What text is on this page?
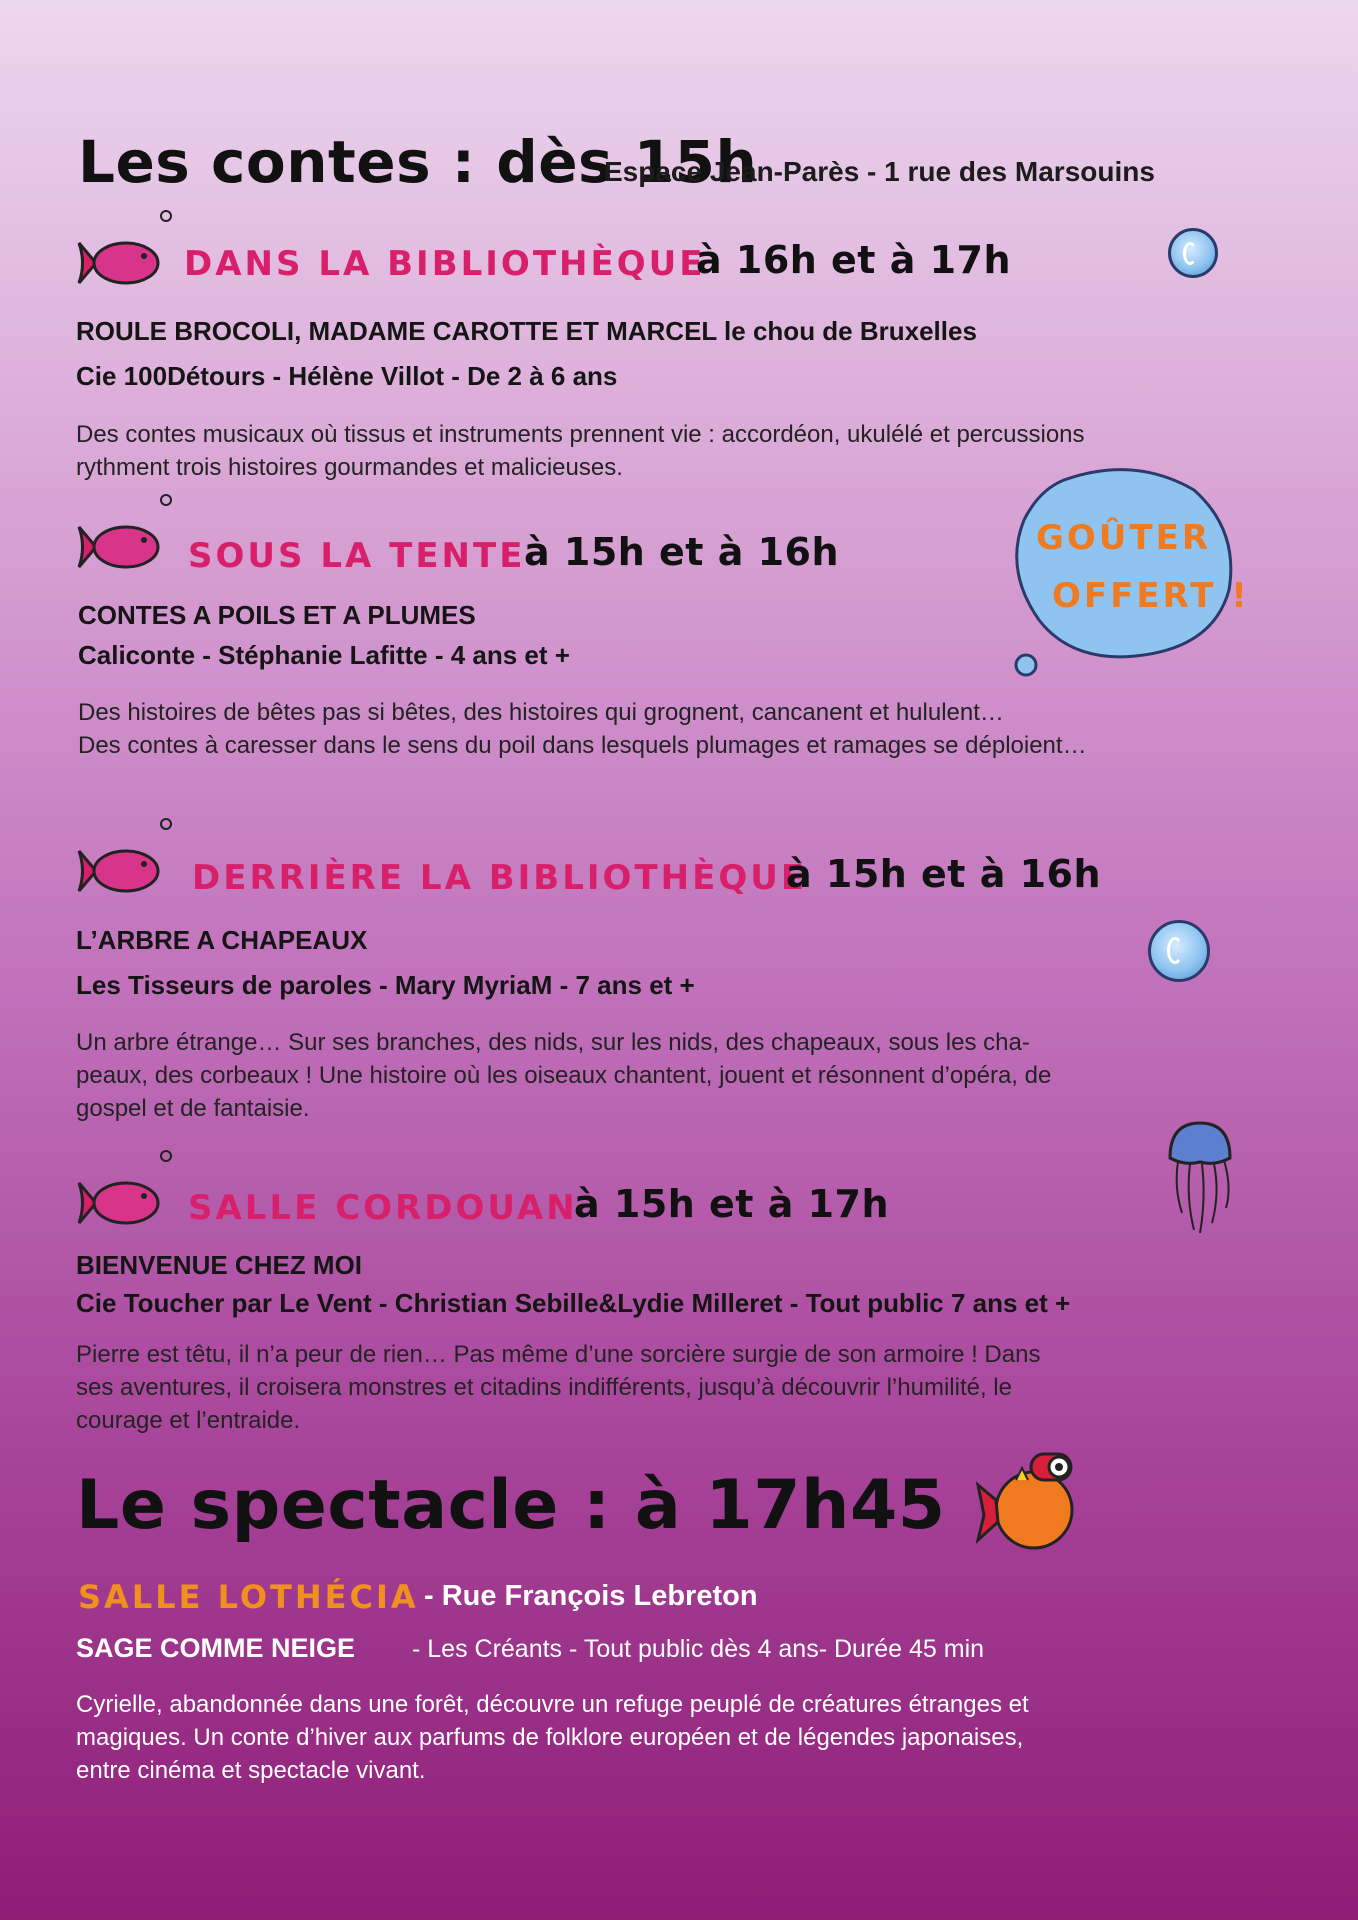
Les contes : dès 15h
Espace Jean-Parès - 1 rue des Marsouins
DANS LA BIBLIOTHÈQUE
à 16h et à 17h
ROULE BROCOLI, MADAME CAROTTE ET MARCEL le chou de Bruxelles
Cie 100Détours - Hélène Villot - De 2 à 6 ans
Des contes musicaux où tissus et instruments prennent vie : accordéon, ukulélé et percussions
rythment trois histoires gourmandes et malicieuses.
SOUS LA TENTE
à 15h et à 16h	GOÛTER
OFFERT !
CONTES A POILS ET A PLUMES
Caliconte - Stéphanie Lafitte - 4 ans et +
Des histoires de bêtes pas si bêtes, des histoires qui grognent, cancanent et hululent…
Des contes à caresser dans le sens du poil dans lesquels plumages et ramages se déploient…
DERRIÈRE LA BIBLIOTHÈQUE
à 15h et à 16h
L’ARBRE A CHAPEAUX
Les Tisseurs de paroles - Mary MyriaM - 7 ans et +
Un arbre étrange… Sur ses branches, des nids, sur les nids, des chapeaux, sous les cha-
peaux, des corbeaux ! Une histoire où les oiseaux chantent, jouent et résonnent d’opéra, de
gospel et de fantaisie.
SALLE CORDOUAN
à 15h et à 17h
BIENVENUE CHEZ MOI
Cie Toucher par Le Vent - Christian Sebille&Lydie Milleret - Tout public 7 ans et +
Pierre est têtu, il n’a peur de rien… Pas même d’une sorcière surgie de son armoire ! Dans
ses aventures, il croisera monstres et citadins indifférents, jusqu’à découvrir l’humilité, le
courage et l’entraide.
Le spectacle : à 17h45
SALLE LOTHÉCIA - Rue François Lebreton
SAGE COMME NEIGE - Les Créants - Tout public dès 4 ans- Durée 45 min
Cyrielle, abandonnée dans une forêt, découvre un refuge peuplé de créatures étranges et
magiques. Un conte d’hiver aux parfums de folklore européen et de légendes japonaises,
entre cinéma et spectacle vivant.
